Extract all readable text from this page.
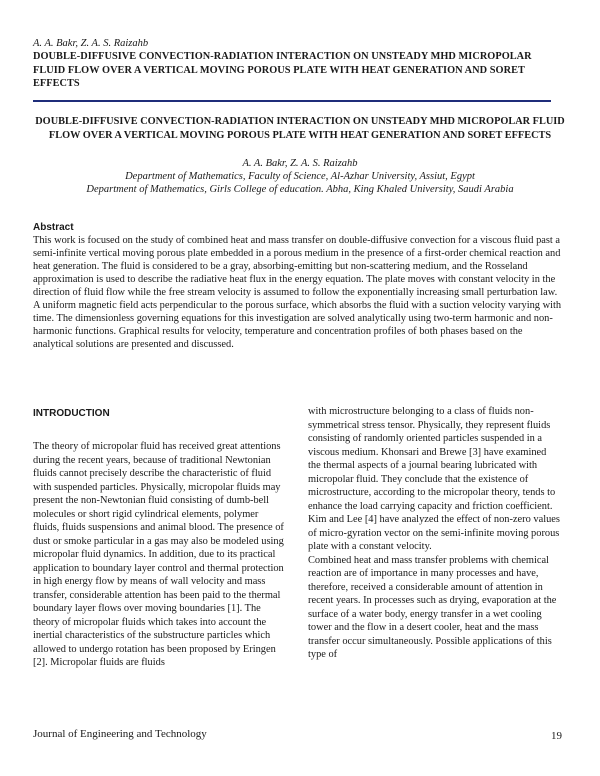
A. A. Bakr, Z. A. S. Raizahb
DOUBLE-DIFFUSIVE CONVECTION-RADIATION INTERACTION ON UNSTEADY MHD MICROPOLAR FLUID FLOW OVER A VERTICAL MOVING POROUS PLATE WITH HEAT GENERATION AND SORET EFFECTS
DOUBLE-DIFFUSIVE CONVECTION-RADIATION INTERACTION ON UNSTEADY MHD MICROPOLAR FLUID FLOW OVER A VERTICAL MOVING POROUS PLATE WITH HEAT GENERATION AND SORET EFFECTS
A. A. Bakr, Z. A. S. Raizahb
Department of Mathematics, Faculty of Science, Al-Azhar University, Assiut, Egypt
Department of Mathematics, Girls College of education. Abha, King Khaled University, Saudi Arabia
Abstract
This work is focused on the study of combined heat and mass transfer on double-diffusive convection for a viscous fluid past a semi-infinite vertical moving porous plate embedded in a porous medium in the presence of a first-order chemical reaction and heat generation. The fluid is considered to be a gray, absorbing-emitting but non-scattering medium, and the Rosseland approximation is used to describe the radiative heat flux in the energy equation. The plate moves with constant velocity in the direction of fluid flow while the free stream velocity is assumed to follow the exponentially increasing small perturbation law. A uniform magnetic field acts perpendicular to the porous surface, which absorbs the fluid with a suction velocity varying with time. The dimensionless governing equations for this investigation are solved analytically using two-term harmonic and non-harmonic functions. Graphical results for velocity, temperature and concentration profiles of both phases based on the analytical solutions are presented and discussed.
INTRODUCTION

The theory of micropolar fluid has received great attentions during the recent years, because of traditional Newtonian fluids cannot precisely describe the characteristic of fluid with suspended particles. Physically, micropolar fluids may present the non-Newtonian fluid consisting of dumb-bell molecules or short rigid cylindrical elements, polymer fluids, fluids suspensions and animal blood. The presence of dust or smoke particular in a gas may also be modeled using micropolar fluid dynamics. In addition, due to its practical application to boundary layer control and thermal protection in high energy flow by means of wall velocity and mass transfer, considerable attention has been paid to the thermal boundary layer flows over moving boundaries [1]. The theory of micropolar fluids which takes into account the inertial characteristics of the substructure particles which allowed to undergo rotation has been proposed by Eringen [2]. Micropolar fluids are fluids

with microstructure belonging to a class of fluids non-symmetrical stress tensor. Physically, they represent fluids consisting of randomly oriented particles suspended in a viscous medium. Khonsari and Brewe [3] have examined the thermal aspects of a journal bearing lubricated with micropolar fluid. They conclude that the existence of microstructure, according to the micropolar theory, tends to enhance the load carrying capacity and friction coefficient. Kim and Lee [4] have analyzed the effect of non-zero values of micro-gyration vector on the semi-infinite moving porous plate with a constant velocity.

Combined heat and mass transfer problems with chemical reaction are of importance in many processes and have, therefore, received a considerable amount of attention in recent years. In processes such as drying, evaporation at the surface of a water body, energy transfer in a wet cooling tower and the flow in a desert cooler, heat and the mass transfer occur simultaneously. Possible applications of this type of

Journal of Engineering and Technology	19
